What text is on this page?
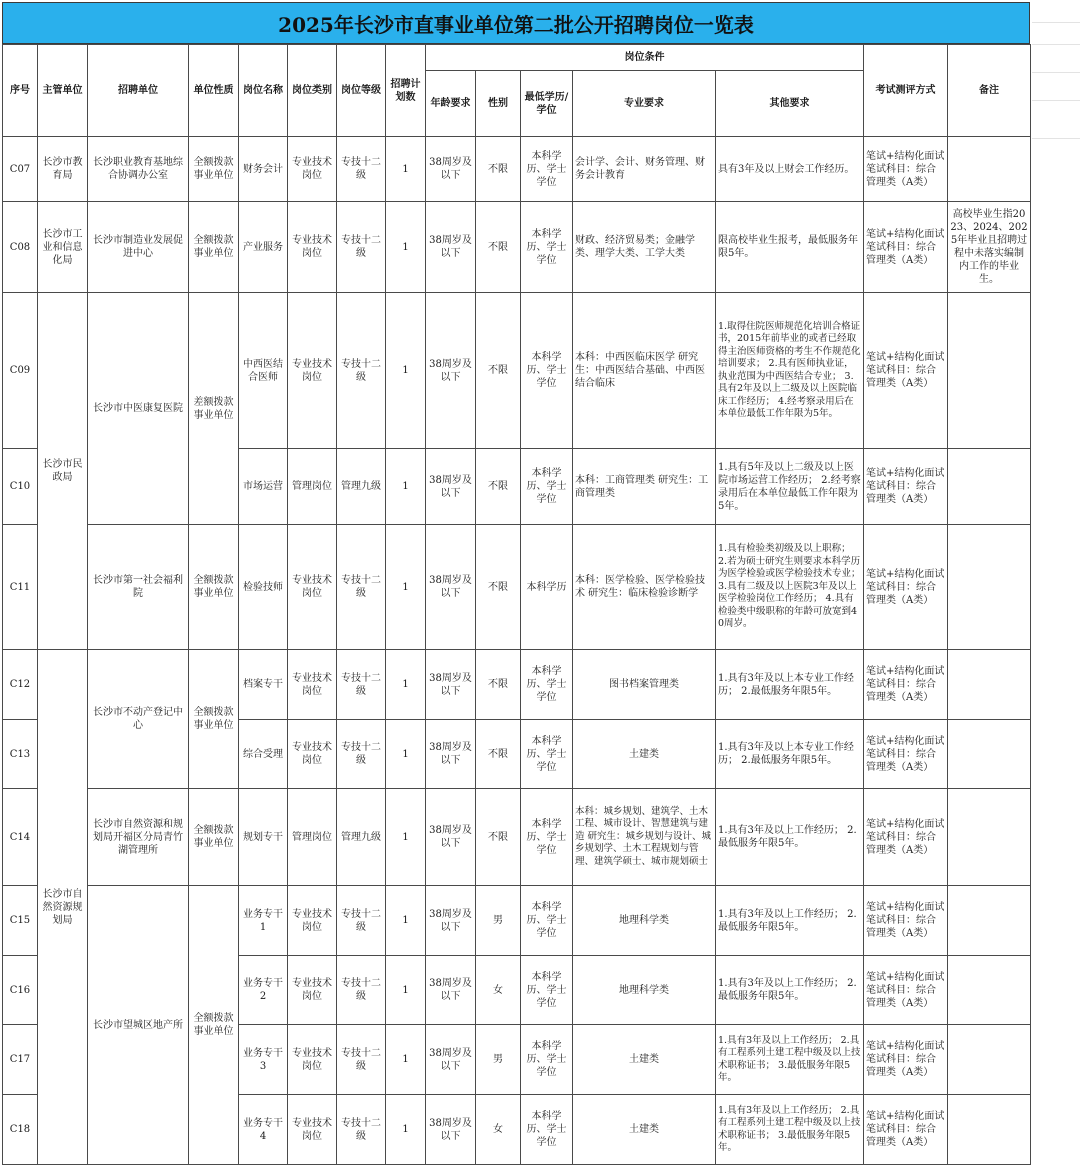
2025年长沙市直事业单位第二批公开招聘岗位一览表
序号	主管单位	招聘单位	单位性质	岗位名称	岗位类别	岗位等级	招聘计划数	岗位条件					考试测评方式	备注
								年龄要求	性别	最低学历/学位	专业要求	其他要求		
C07	长沙市教育局	长沙职业教育基地综合协调办公室	全额拨款事业单位	财务会计	专业技术岗位	专技十二级	1	38周岁及以下	不限	本科学历、学士学位	会计学、会计、财务管理、财务会计教育	具有3年及以上财会工作经历。	笔试+结构化面试 笔试科目：综合管理类（A类）	
C08	长沙市工业和信息化局	长沙市制造业发展促进中心	全额拨款事业单位	产业服务	专业技术岗位	专技十二级	1	38周岁及以下	不限	本科学历、学士学位	财政、经济贸易类；金融学类、理学大类、工学大类	限高校毕业生报考，最低服务年限5年。	笔试+结构化面试 笔试科目：综合管理类（A类）	高校毕业生指2023、2024、2025年毕业且招聘过程中未落实编制内工作的毕业生。
C09	长沙市民政局	长沙市中医康复医院	差额拨款事业单位	中西医结合医师	专业技术岗位	专技十二级	1	38周岁及以下	不限	本科学历、学士学位	本科：中西医临床医学 研究生：中西医结合基础、中西医结合临床	1.取得住院医师规范化培训合格证书，2015年前毕业的或者已经取得主治医师资格的考生不作规范化培训要求； 2.具有医师执业证，执业范围为中西医结合专业； 3.具有2年及以上二级及以上医院临床工作经历； 4.经考察录用后在本单位最低工作年限为5年。	笔试+结构化面试 笔试科目：综合管理类（A类）	
C10				市场运营	管理岗位	管理九级	1	38周岁及以下	不限	本科学历、学士学位	本科：工商管理类 研究生：工商管理类	1.具有5年及以上二级及以上医院市场运营工作经历； 2.经考察录用后在本单位最低工作年限为5年。	笔试+结构化面试 笔试科目：综合管理类（A类）	
C11		长沙市第一社会福利院	全额拨款事业单位	检验技师	专业技术岗位	专技十二级	1	38周岁及以下	不限	本科学历	本科：医学检验、医学检验技术 研究生：临床检验诊断学	1.具有检验类初级及以上职称； 2.若为硕士研究生则要求本科学历为医学检验或医学检验技术专业； 3.具有二级及以上医院3年及以上医学检验岗位工作经历； 4.具有检验类中级职称的年龄可放宽到40周岁。	笔试+结构化面试 笔试科目：综合管理类（A类）	
C12	长沙市自然资源规划局	长沙市不动产登记中心	全额拨款事业单位	档案专干	专业技术岗位	专技十二级	1	38周岁及以下	不限	本科学历、学士学位	图书档案管理类	1.具有3年及以上本专业工作经历； 2.最低服务年限5年。	笔试+结构化面试 笔试科目：综合管理类（A类）	
C13				综合受理	专业技术岗位	专技十二级	1	38周岁及以下	不限	本科学历、学士学位	土建类	1.具有3年及以上本专业工作经历； 2.最低服务年限5年。	笔试+结构化面试 笔试科目：综合管理类（A类）	
C14		长沙市自然资源和规划局开福区分局青竹湖管理所	全额拨款事业单位	规划专干	管理岗位	管理九级	1	38周岁及以下	不限	本科学历、学士学位	本科：城乡规划、建筑学、土木工程、城市设计、智慧建筑与建造 研究生：城乡规划与设计、城乡规划学、土木工程规划与管理、建筑学硕士、城市规划硕士	1.具有3年及以上工作经历； 2.最低服务年限5年。	笔试+结构化面试 笔试科目：综合管理类（A类）	
C15		长沙市望城区地产所	全额拨款事业单位	业务专干1	专业技术岗位	专技十二级	1	38周岁及以下	男	本科学历、学士学位	地理科学类	1.具有3年及以上工作经历； 2.最低服务年限5年。	笔试+结构化面试 笔试科目：综合管理类（A类）	
C16				业务专干2	专业技术岗位	专技十二级	1	38周岁及以下	女	本科学历、学士学位	地理科学类	1.具有3年及以上工作经历； 2.最低服务年限5年。	笔试+结构化面试 笔试科目：综合管理类（A类）	
C17				业务专干3	专业技术岗位	专技十二级	1	38周岁及以下	男	本科学历、学士学位	土建类	1.具有3年及以上工作经历； 2.具有工程系列土建工程中级及以上技术职称证书； 3.最低服务年限5年。	笔试+结构化面试 笔试科目：综合管理类（A类）	
C18				业务专干4	专业技术岗位	专技十二级	1	38周岁及以下	女	本科学历、学士学位	土建类	1.具有3年及以上工作经历； 2.具有工程系列土建工程中级及以上技术职称证书； 3.最低服务年限5年。	笔试+结构化面试 笔试科目：综合管理类（A类）	
